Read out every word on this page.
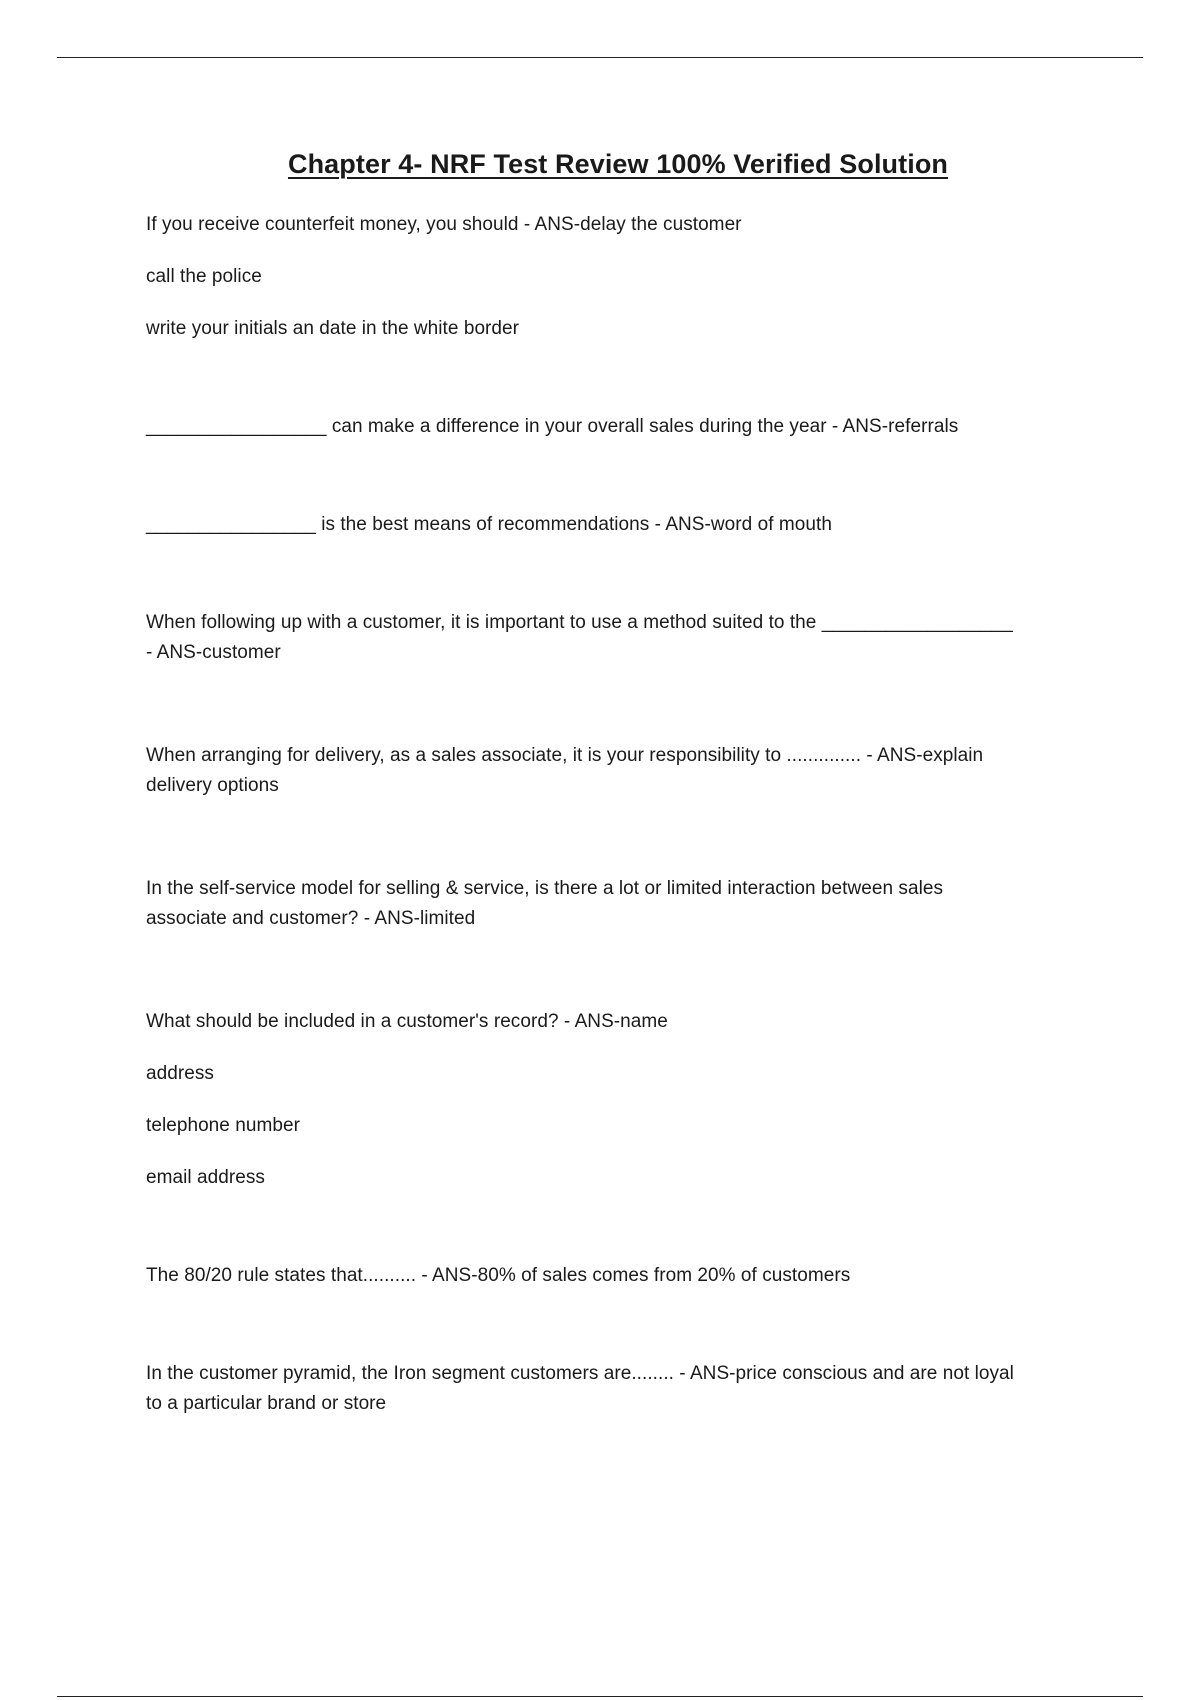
Chapter 4- NRF Test Review 100% Verified Solution

If you receive counterfeit money, you should - ANS-delay the customer

call the police

write your initials an date in the white border

_________________ can make a difference in your overall sales during the year - ANS-referrals

________________ is the best means of recommendations - ANS-word of mouth

When following up with a customer, it is important to use a method suited to the __________________

- ANS-customer

When arranging for delivery, as a sales associate, it is your responsibility to .............. - ANS-explain

delivery options

In the self-service model for selling & service, is there a lot or limited interaction between sales

associate and customer? - ANS-limited

What should be included in a customer's record? - ANS-name

address

telephone number

email address

The 80/20 rule states that.......... - ANS-80% of sales comes from 20% of customers

In the customer pyramid, the Iron segment customers are........ - ANS-price conscious and are not loyal

to a particular brand or store
